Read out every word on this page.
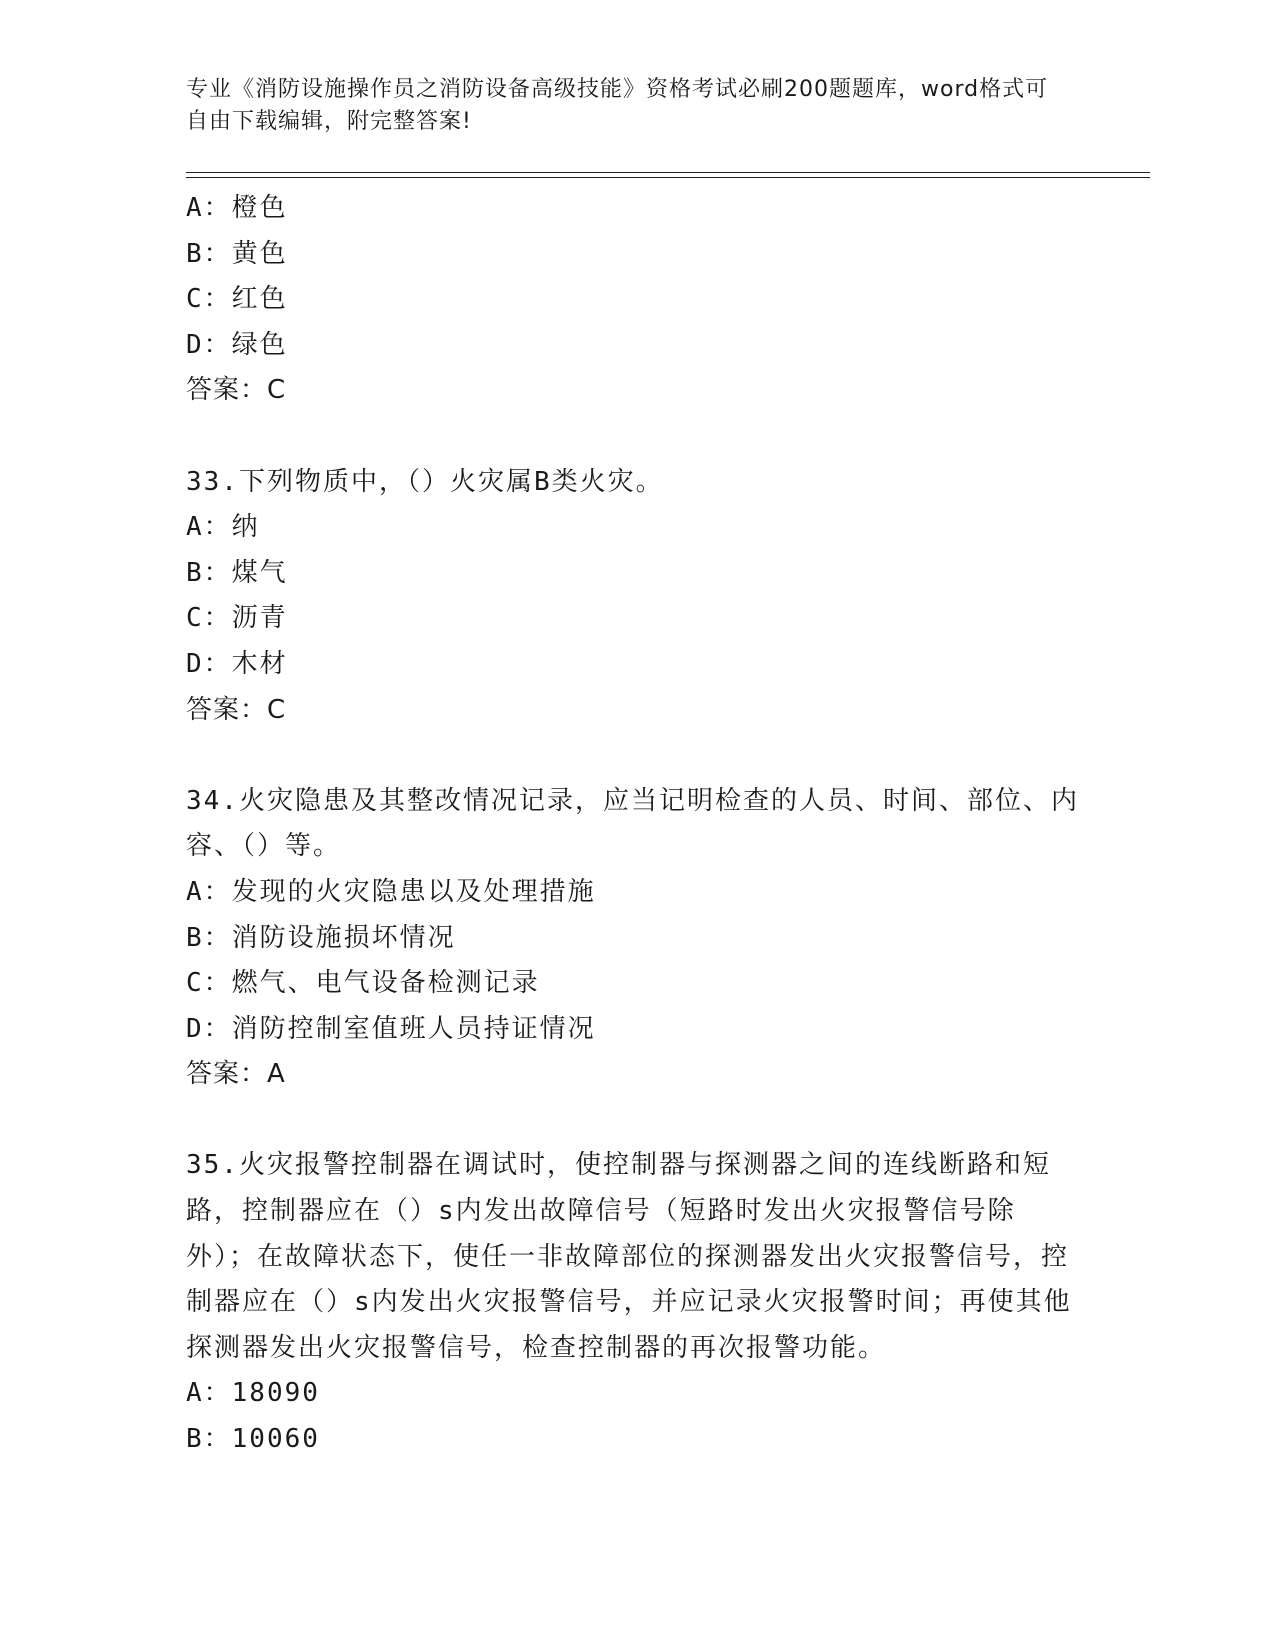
专业《消防设施操作员之消防设备高级技能》资格考试必刷200题题库，word格式可自由下载编辑，附完整答案!
A：橙色
B：黄色
C：红色
D：绿色
答案：C
33.下列物质中，（）火灾属B类火灾。
A：纳
B：煤气
C：沥青
D：木材
答案：C
34.火灾隐患及其整改情况记录，应当记明检查的人员、时间、部位、内容、（）等。
A：发现的火灾隐患以及处理措施
B：消防设施损坏情况
C：燃气、电气设备检测记录
D：消防控制室值班人员持证情况
答案：A
35.火灾报警控制器在调试时，使控制器与探测器之间的连线断路和短路，控制器应在（）s内发出故障信号（短路时发出火灾报警信号除外）；在故障状态下，使任一非故障部位的探测器发出火灾报警信号，控制器应在（）s内发出火灾报警信号，并应记录火灾报警时间；再使其他探测器发出火灾报警信号，检查控制器的再次报警功能。
A：18090
B：10060
